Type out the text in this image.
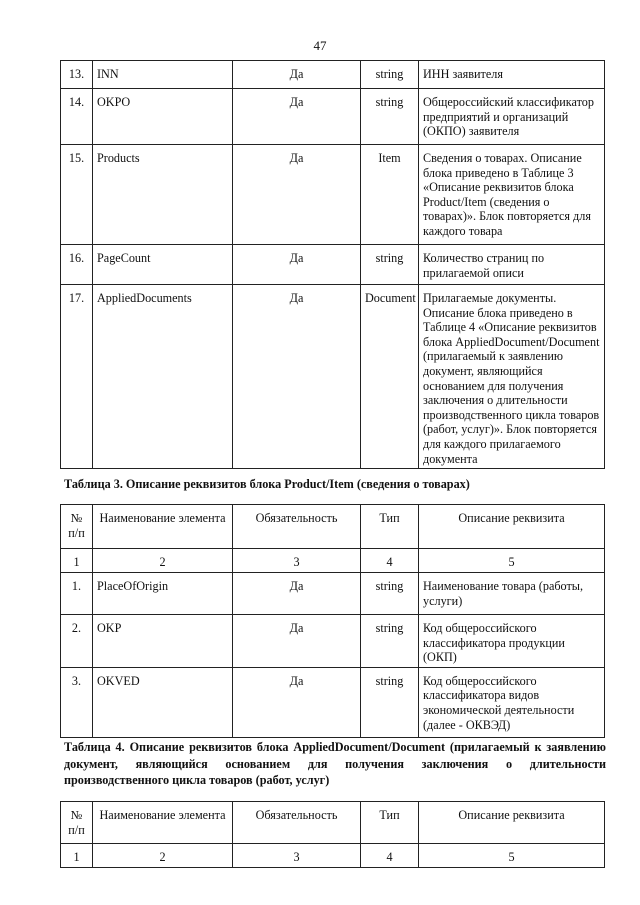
47
13.	INN	Да	string	ИНН заявителя
14.	OKPO	Да	string	Общероссийский классификатор предприятий и организаций (ОКПО) заявителя
15.	Products	Да	Item	Сведения о товарах. Описание блока приведено в Таблице 3 «Описание реквизитов блока Product/Item (сведения о товарах)». Блок повторяется для каждого товара
16.	PageCount	Да	string	Количество страниц по прилагаемой описи
17.	AppliedDocuments	Да	Document	Прилагаемые документы. Описание блока приведено в Таблице 4 «Описание реквизитов блока AppliedDocument/Document (прилагаемый к заявлению документ, являющийся основанием для получения заключения о длительности производственного цикла товаров (работ, услуг)». Блок повторяется для каждого прилагаемого документа
Таблица 3. Описание реквизитов блока Product/Item (сведения о товарах)
№ п/п	Наименование элемента	Обязательность	Тип	Описание реквизита
1	2	3	4	5
1.	PlaceOfOrigin	Да	string	Наименование товара (работы, услуги)
2.	OKP	Да	string	Код общероссийского классификатора продукции (ОКП)
3.	OKVED	Да	string	Код общероссийского классификатора видов экономической деятельности (далее - ОКВЭД)
Таблица 4. Описание реквизитов блока AppliedDocument/Document (прилагаемый к заявлению документ, являющийся основанием для получения заключения о длительности производственного цикла товаров (работ, услуг)
№ п/п	Наименование элемента	Обязательность	Тип	Описание реквизита
1	2	3	4	5
